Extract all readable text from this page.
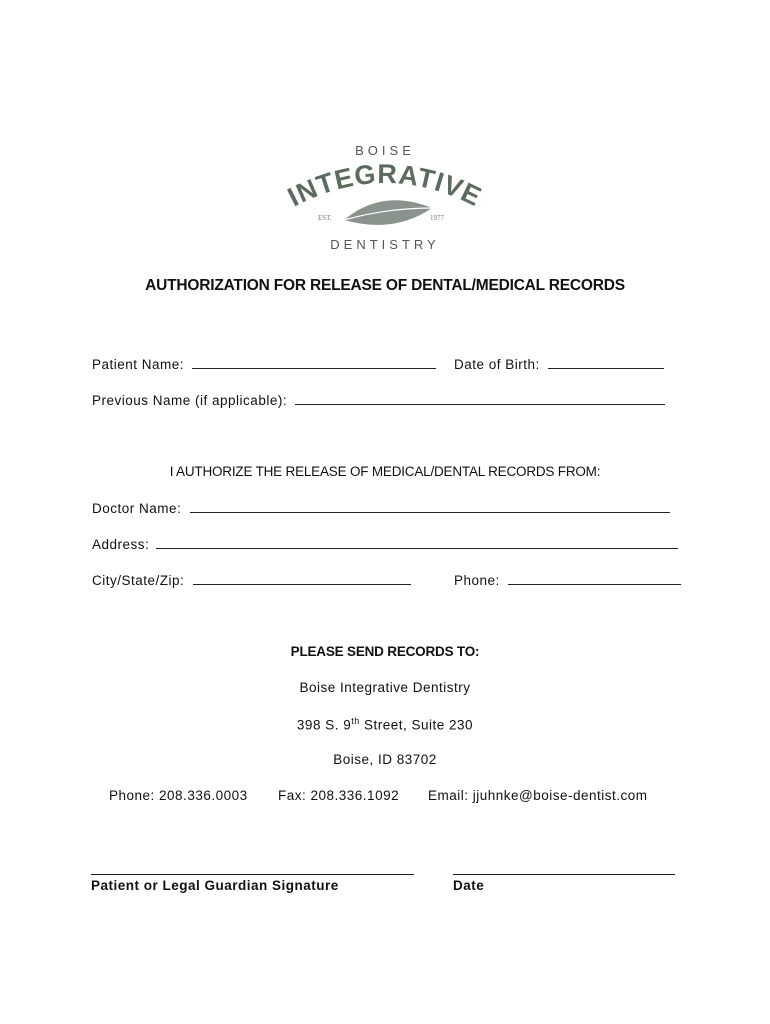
BOISE
INTEGRATIVE
EST.	1977
DENTISTRY
AUTHORIZATION FOR RELEASE OF DENTAL/MEDICAL RECORDS
Patient Name:	Date of Birth:
Previous Name (if applicable):
I AUTHORIZE THE RELEASE OF MEDICAL/DENTAL RECORDS FROM:
Doctor Name:
Address:
City/State/Zip:	Phone:
PLEASE SEND RECORDS TO:
Boise Integrative Dentistry
398 S. 9th Street, Suite 230
Boise, ID 83702
Phone: 208.336.0003 Fax: 208.336.1092 Email: jjuhnke@boise-dentist.com
Patient or Legal Guardian Signature	Date
